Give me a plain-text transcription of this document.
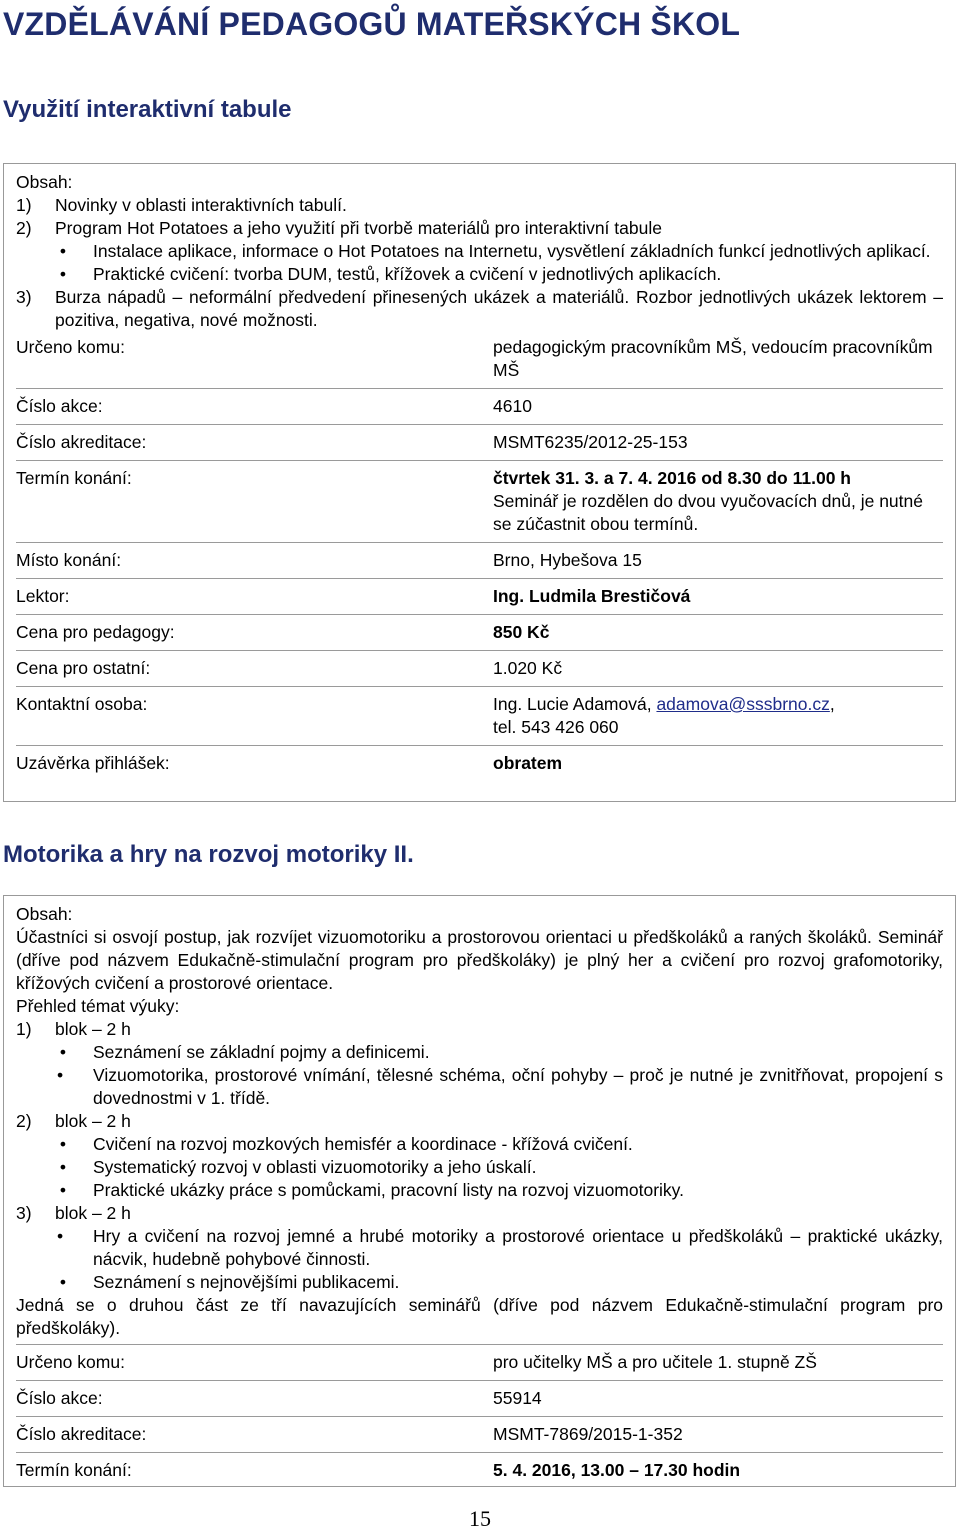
VZDĚLÁVÁNÍ PEDAGOGŮ MATEŘSKÝCH ŠKOL
Využití interaktivní tabule

Obsah:

1)	Novinky v oblasti interaktivních tabulí.
2)	Program Hot Potatoes a jeho využití při tvorbě materiálů pro interaktivní tabule
• Instalace aplikace, informace o Hot Potatoes na Internetu, vysvětlení základních funkcí jednotlivých aplikací.
• Praktické cvičení: tvorba DUM, testů, křížovek a cvičení v jednotlivých aplikacích.
3)	Burza nápadů – neformální předvedení přinesených ukázek a materiálů. Rozbor jednotlivých ukázek lektorem – pozitiva, negativa, nové možnosti.
Určeno komu:	pedagogickým pracovníkům MŠ, vedoucím pracovníkům MŠ
Číslo akce:	4610
Číslo akreditace:	MSMT6235/2012-25-153
Termín konání:	čtvrtek 31. 3. a 7. 4. 2016 od 8.30 do 11.00 h
Seminář je rozdělen do dvou vyučovacích dnů, je nutné se zúčastnit obou termínů.

Místo konání:	Brno, Hybešova 15
Lektor:	Ing. Ludmila Brestičová
Cena pro pedagogy:	850 Kč
Cena pro ostatní:	1.020 Kč
Kontaktní osoba:	Ing. Lucie Adamová, adamova@sssbrno.cz,
tel. 543 426 060

Uzávěrka přihlášek:	obratem
Motorika a hry na rozvoj motoriky II.

Obsah:

Účastníci si osvojí postup, jak rozvíjet vizuomotoriku a prostorovou orientaci u předškoláků a raných školáků. Seminář (dříve pod názvem Edukačně-stimulační program pro předškoláky) je plný her a cvičení pro rozvoj grafomotoriky, křížových cvičení a prostorové orientace.

Přehled témat výuky:

1)	blok – 2 h
• Seznámení se základní pojmy a definicemi.
•	Vizuomotorika, prostorové vnímání, tělesné schéma, oční pohyby – proč je nutné je zvnitřňovat, propojení s dovednostmi v 1. třídě.
2)	blok – 2 h
• Cvičení na rozvoj mozkových hemisfér a koordinace - křížová cvičení.
• Systematický rozvoj v oblasti vizuomotoriky a jeho úskalí.
• Praktické ukázky práce s pomůckami, pracovní listy na rozvoj vizuomotoriky.
3)	blok – 2 h
•	Hry a cvičení na rozvoj jemné a hrubé motoriky a prostorové orientace u předškoláků – praktické ukázky, nácvik, hudebně pohybové činnosti.
• Seznámení s nejnovějšími publikacemi.

Jedná se o druhou část ze tří navazujících seminářů (dříve pod názvem Edukačně-stimulační program pro předškoláky).

Určeno komu:	pro učitelky MŠ a pro učitele 1. stupně ZŠ
Číslo akce:	55914
Číslo akreditace:	MSMT-7869/2015-1-352
Termín konání:	5. 4. 2016, 13.00 – 17.30 hodin
15
